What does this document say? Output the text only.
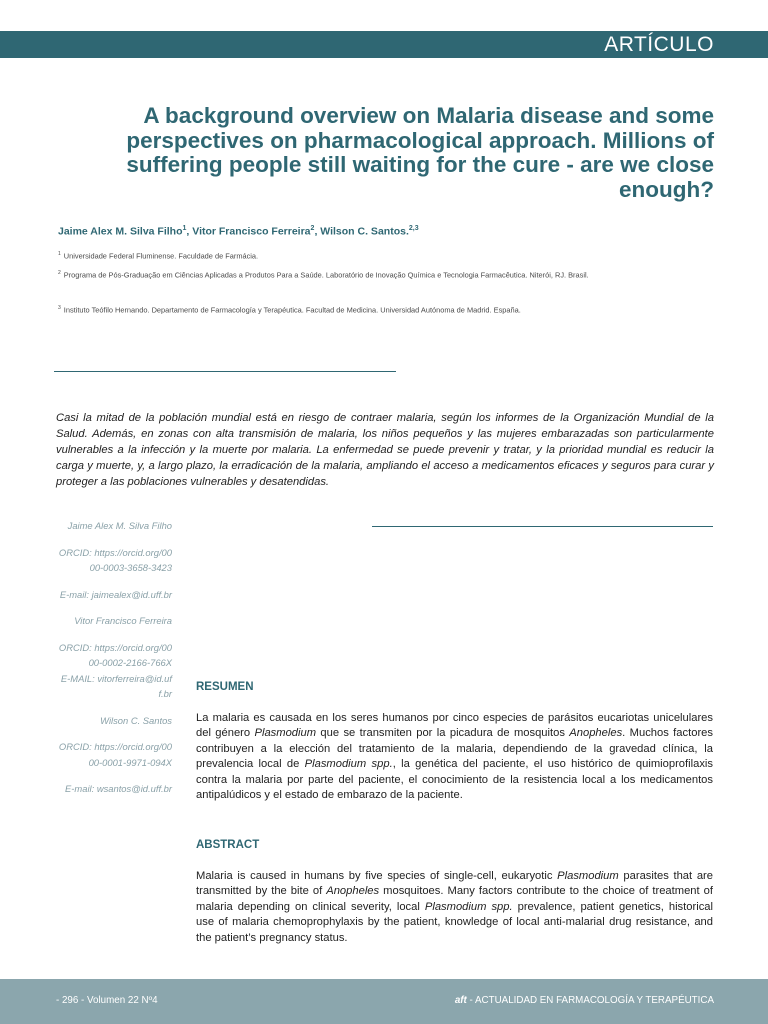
ARTÍCULO
A background overview on Malaria disease and some perspectives on pharmacological approach. Millions of suffering people still waiting for the cure - are we close enough?

Jaime Alex M. Silva Filho$^1$, Vitor Francisco Ferreira$^2$, Wilson C. Santos.$^{2,3}$

$^1$ Universidade Federal Fluminense. Faculdade de Farmácia.

$^2$ Programa de Pós-Graduação em Ciências Aplicadas a Produtos Para a Saúde. Laboratório de Inovação Química e Tecnologia Farmacêutica. Niterói, RJ. Brasil.

$^3$ Instituto Teófilo Hernando. Departamento de Farmacología y Terapéutica. Facultad de Medicina. Universidad Autónoma de Madrid. España.

Casi la mitad de la población mundial está en riesgo de contraer malaria, según los informes de la Organización Mundial de la Salud. Además, en zonas con alta transmisión de malaria, los niños pequeños y las mujeres embarazadas son particularmente vulnerables a la infección y la muerte por malaria. La enfermedad se puede prevenir y tratar, y la prioridad mundial es reducir la carga y muerte, y, a largo plazo, la erradicación de la malaria, ampliando el acceso a medicamentos eficaces y seguros para curar y proteger a las poblaciones vulnerables y desatendidas.

Jaime Alex M. Silva Filho

ORCID: https://orcid.org/0000-0003-3658-3423

E-mail: jaimealex@id.uff.br

Vitor Francisco Ferreira

ORCID: https://orcid.org/0000-0002-2166-766X

E-MAIL: vitorferreira@id.uff.br

Wilson C. Santos

ORCID: https://orcid.org/0000-0001-9971-094X

E-mail: wsantos@id.uff.br

RESUMEN

La malaria es causada en los seres humanos por cinco especies de parásitos eucariotas unicelulares del género Plasmodium que se transmiten por la picadura de mosquitos Anopheles. Muchos factores contribuyen a la elección del tratamiento de la malaria, dependiendo de la gravedad clínica, la prevalencia local de Plasmodium spp., la genética del paciente, el uso histórico de quimioprofilaxis contra la malaria por parte del paciente, el conocimiento de la resistencia local a los medicamentos antipalúdicos y el estado de embarazo de la paciente.

ABSTRACT

Malaria is caused in humans by five species of single-cell, eukaryotic Plasmodium parasites that are transmitted by the bite of Anopheles mosquitoes. Many factors contribute to the choice of treatment of malaria depending on clinical severity, local Plasmodium spp. prevalence, patient genetics, historical use of malaria chemoprophylaxis by the patient, knowledge of local anti-malarial drug resistance, and the patient’s pregnancy status.

- 296 - Volumen 22 Nº4	aft - ACTUALIDAD EN FARMACOLOGÍA Y TERAPÉUTICA
